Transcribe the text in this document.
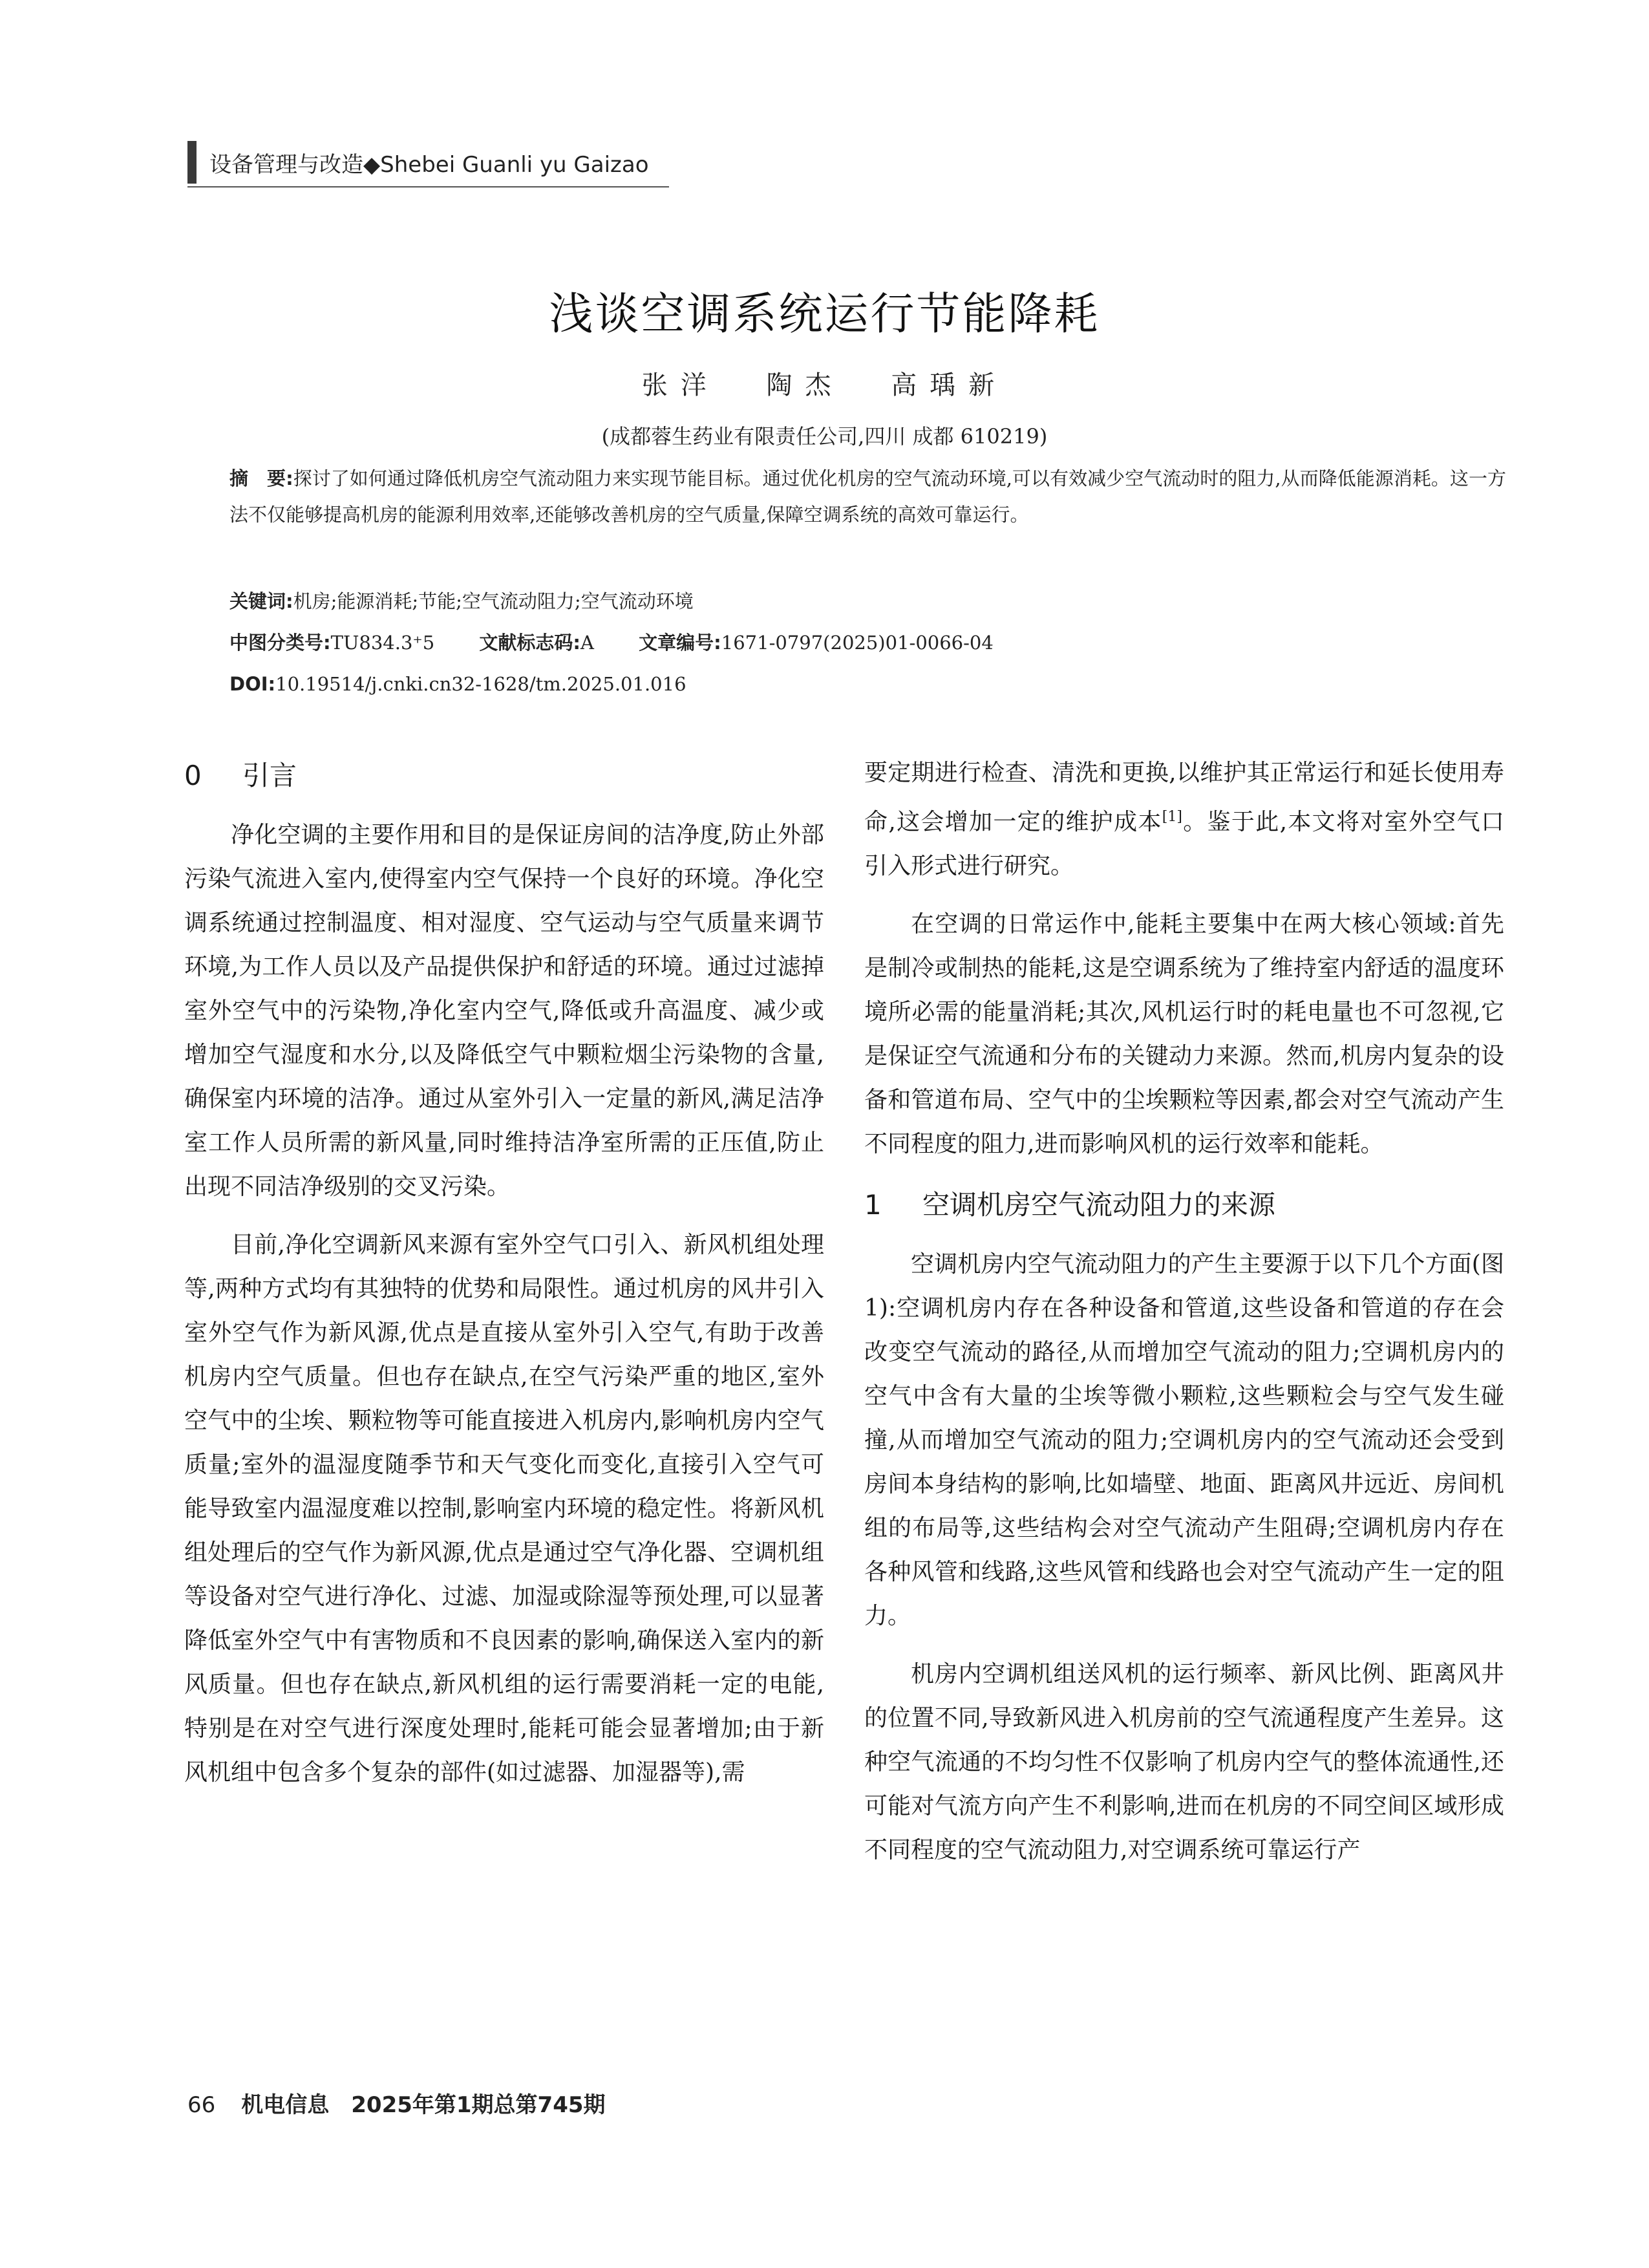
设备管理与改造◆Shebei Guanli yu Gaizao
浅谈空调系统运行节能降耗
张洋 陶杰 高瑀新
(成都蓉生药业有限责任公司,四川 成都 610219)
摘　要:探讨了如何通过降低机房空气流动阻力来实现节能目标。通过优化机房的空气流动环境,可以有效减少空气流动时的阻力,从而降低能源消耗。这一方法不仅能够提高机房的能源利用效率,还能够改善机房的空气质量,保障空调系统的高效可靠运行。
关键词:机房;能源消耗;节能;空气流动阻力;空气流动环境
中图分类号:TU834.3⁺5 文献标志码:A 文章编号:1671-0797(2025)01-0066-04
DOI:10.19514/j.cnki.cn32-1628/tm.2025.01.016
0 引言

净化空调的主要作用和目的是保证房间的洁净度,防止外部污染气流进入室内,使得室内空气保持一个良好的环境。净化空调系统通过控制温度、相对湿度、空气运动与空气质量来调节环境,为工作人员以及产品提供保护和舒适的环境。通过过滤掉室外空气中的污染物,净化室内空气,降低或升高温度、减少或增加空气湿度和水分,以及降低空气中颗粒烟尘污染物的含量,确保室内环境的洁净。通过从室外引入一定量的新风,满足洁净室工作人员所需的新风量,同时维持洁净室所需的正压值,防止出现不同洁净级别的交叉污染。

目前,净化空调新风来源有室外空气口引入、新风机组处理等,两种方式均有其独特的优势和局限性。通过机房的风井引入室外空气作为新风源,优点是直接从室外引入空气,有助于改善机房内空气质量。但也存在缺点,在空气污染严重的地区,室外空气中的尘埃、颗粒物等可能直接进入机房内,影响机房内空气质量;室外的温湿度随季节和天气变化而变化,直接引入空气可能导致室内温湿度难以控制,影响室内环境的稳定性。将新风机组处理后的空气作为新风源,优点是通过空气净化器、空调机组等设备对空气进行净化、过滤、加湿或除湿等预处理,可以显著降低室外空气中有害物质和不良因素的影响,确保送入室内的新风质量。但也存在缺点,新风机组的运行需要消耗一定的电能,特别是在对空气进行深度处理时,能耗可能会显著增加;由于新风机组中包含多个复杂的部件(如过滤器、加湿器等),需

要定期进行检查、清洗和更换,以维护其正常运行和延长使用寿命,这会增加一定的维护成本[1]。鉴于此,本文将对室外空气口引入形式进行研究。

在空调的日常运作中,能耗主要集中在两大核心领域:首先是制冷或制热的能耗,这是空调系统为了维持室内舒适的温度环境所必需的能量消耗;其次,风机运行时的耗电量也不可忽视,它是保证空气流通和分布的关键动力来源。然而,机房内复杂的设备和管道布局、空气中的尘埃颗粒等因素,都会对空气流动产生不同程度的阻力,进而影响风机的运行效率和能耗。

1 空调机房空气流动阻力的来源

空调机房内空气流动阻力的产生主要源于以下几个方面(图1):空调机房内存在各种设备和管道,这些设备和管道的存在会改变空气流动的路径,从而增加空气流动的阻力;空调机房内的空气中含有大量的尘埃等微小颗粒,这些颗粒会与空气发生碰撞,从而增加空气流动的阻力;空调机房内的空气流动还会受到房间本身结构的影响,比如墙壁、地面、距离风井远近、房间机组的布局等,这些结构会对空气流动产生阻碍;空调机房内存在各种风管和线路,这些风管和线路也会对空气流动产生一定的阻力。

机房内空调机组送风机的运行频率、新风比例、距离风井的位置不同,导致新风进入机房前的空气流通程度产生差异。这种空气流通的不均匀性不仅影响了机房内空气的整体流通性,还可能对气流方向产生不利影响,进而在机房的不同空间区域形成不同程度的空气流动阻力,对空调系统可靠运行产

66 机电信息　2025年第1期总第745期
